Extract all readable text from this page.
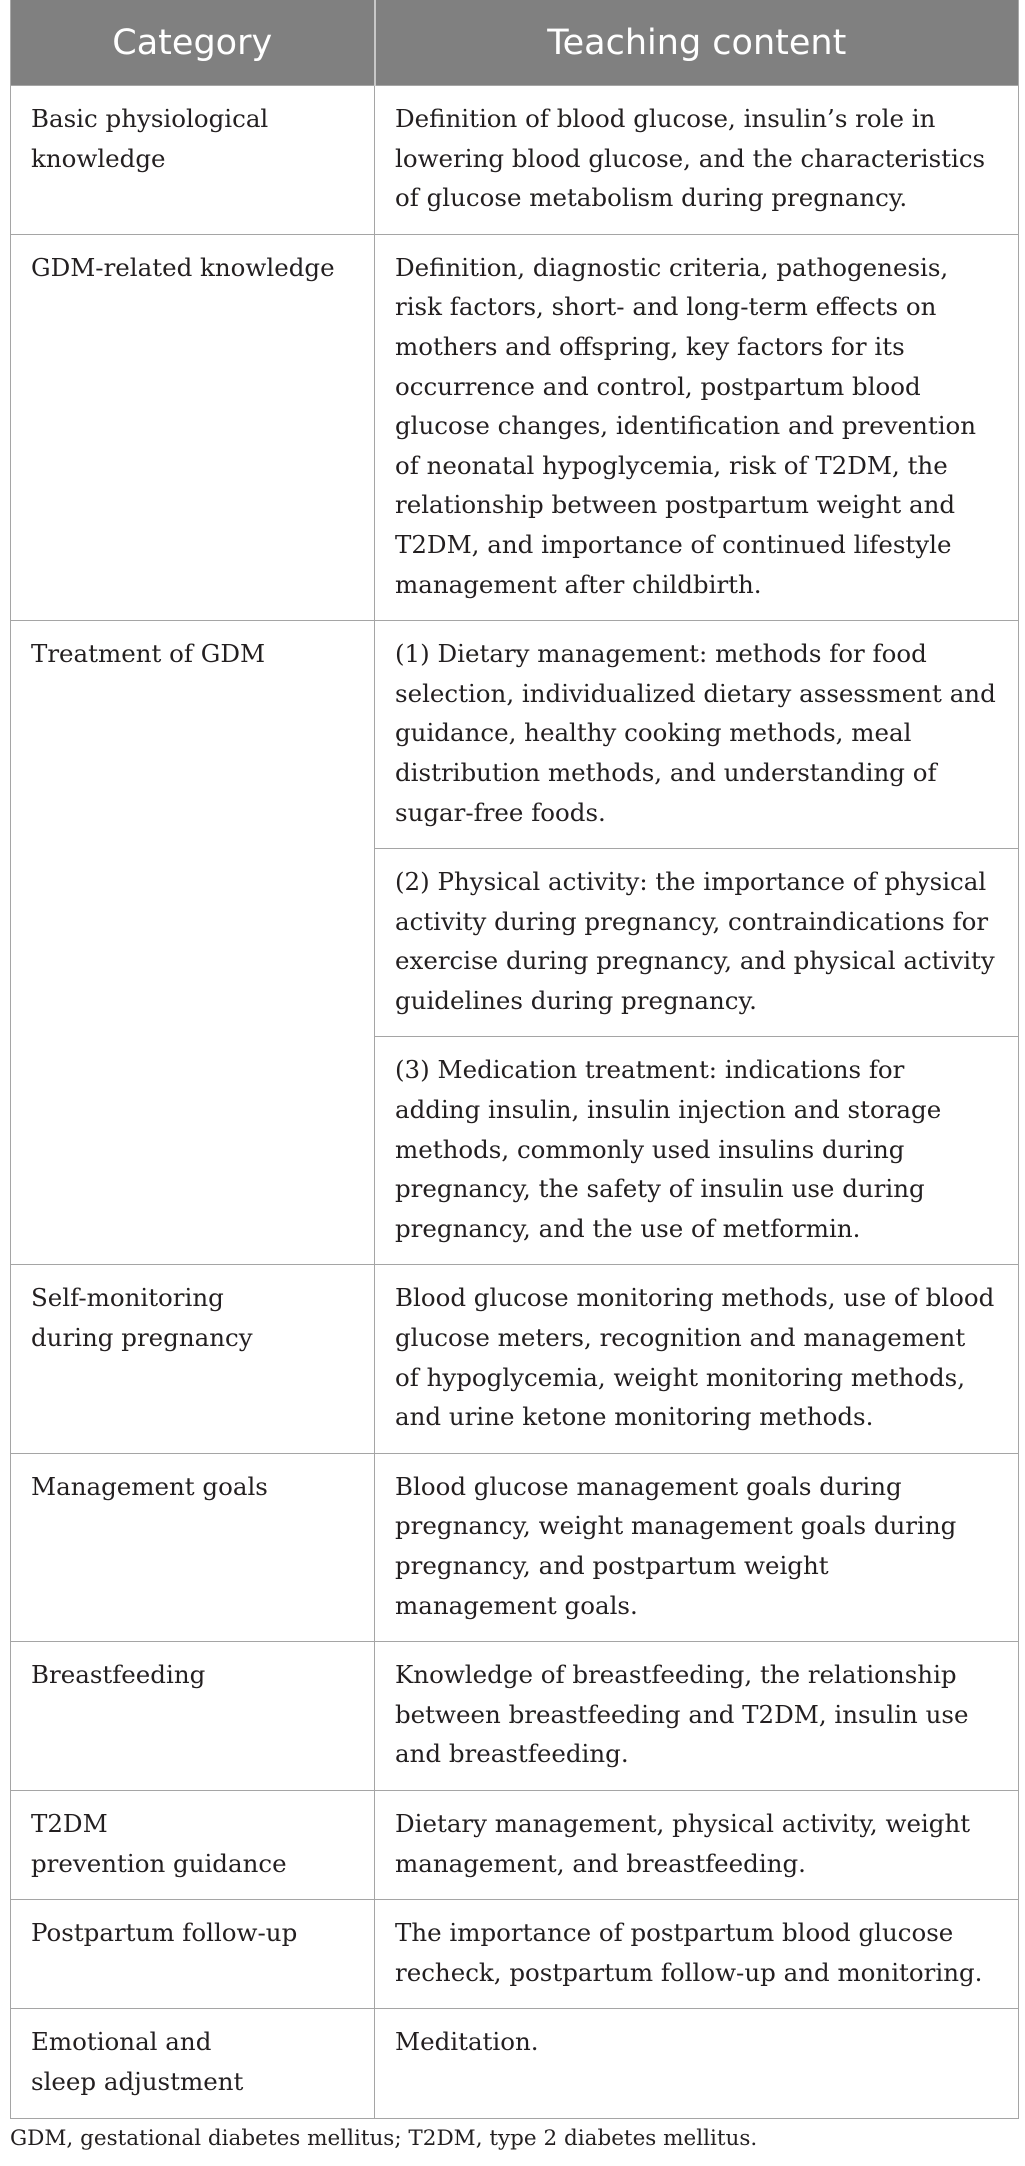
Category	Teaching content
Basic physiological
knowledge	Definition of blood glucose, insulin’s role in lowering blood glucose, and the characteristics of glucose metabolism during pregnancy.
GDM-related knowledge	Definition, diagnostic criteria, pathogenesis, risk factors, short- and long-term effects on mothers and offspring, key factors for its occurrence and control, postpartum blood glucose changes, identification and prevention of neonatal hypoglycemia, risk of T2DM, the relationship between postpartum weight and T2DM, and importance of continued lifestyle management after childbirth.
Treatment of GDM	(1) Dietary management: methods for food selection, individualized dietary assessment and guidance, healthy cooking methods, meal distribution methods, and understanding of sugar-free foods.
	(2) Physical activity: the importance of physical activity during pregnancy, contraindications for exercise during pregnancy, and physical activity guidelines during pregnancy.
	(3) Medication treatment: indications for adding insulin, insulin injection and storage methods, commonly used insulins during pregnancy, the safety of insulin use during pregnancy, and the use of metformin.
Self-monitoring
during pregnancy	Blood glucose monitoring methods, use of blood glucose meters, recognition and management of hypoglycemia, weight monitoring methods, and urine ketone monitoring methods.
Management goals	Blood glucose management goals during pregnancy, weight management goals during pregnancy, and postpartum weight management goals.
Breastfeeding	Knowledge of breastfeeding, the relationship between breastfeeding and T2DM, insulin use and breastfeeding.
T2DM
prevention guidance	Dietary management, physical activity, weight management, and breastfeeding.
Postpartum follow-up	The importance of postpartum blood glucose recheck, postpartum follow-up and monitoring.
Emotional and
sleep adjustment	Meditation.
GDM, gestational diabetes mellitus; T2DM, type 2 diabetes mellitus.
